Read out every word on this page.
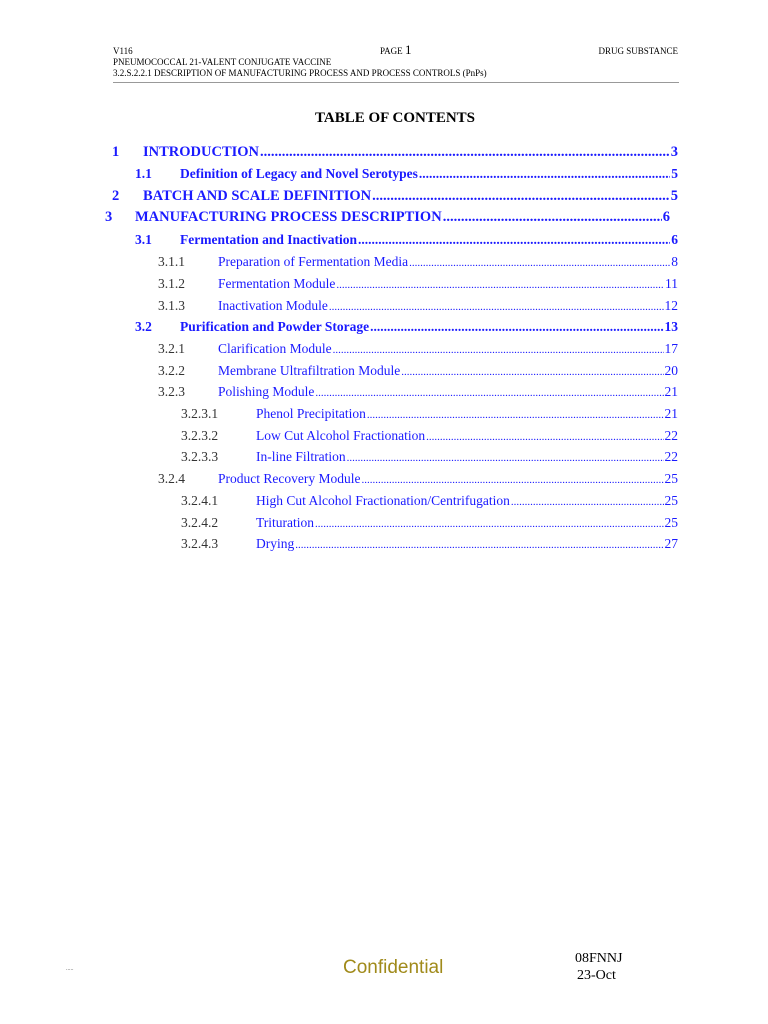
V116	PAGE 1	DRUG SUBSTANCE
PNEUMOCOCCAL 21-VALENT CONJUGATE VACCINE
3.2.S.2.2.1 DESCRIPTION OF MANUFACTURING PROCESS AND PROCESS CONTROLS (PnPs)
TABLE OF CONTENTS
1	INTRODUCTION .....	3
1.1	Definition of Legacy and Novel Serotypes .....	5
2	BATCH AND SCALE DEFINITION .....	5
3	MANUFACTURING PROCESS DESCRIPTION .....	6
3.1	Fermentation and Inactivation .....	6
3.1.1	Preparation of Fermentation Media .....	8
3.1.2	Fermentation Module .....	11
3.1.3	Inactivation Module .....	12
3.2	Purification and Powder Storage .....	13
3.2.1	Clarification Module .....	17
3.2.2	Membrane Ultrafiltration Module .....	20
3.2.3	Polishing Module .....	21
3.2.3.1	Phenol Precipitation .....	21
3.2.3.2	Low Cut Alcohol Fractionation .....	22
3.2.3.3	In-line Filtration .....	22
3.2.4	Product Recovery Module .....	25
3.2.4.1	High Cut Alcohol Fractionation/Centrifugation .....	25
3.2.4.2	Trituration .....	25
3.2.4.3	Drying .....	27
.....	Confidential	08FNNJ
23-Oct
